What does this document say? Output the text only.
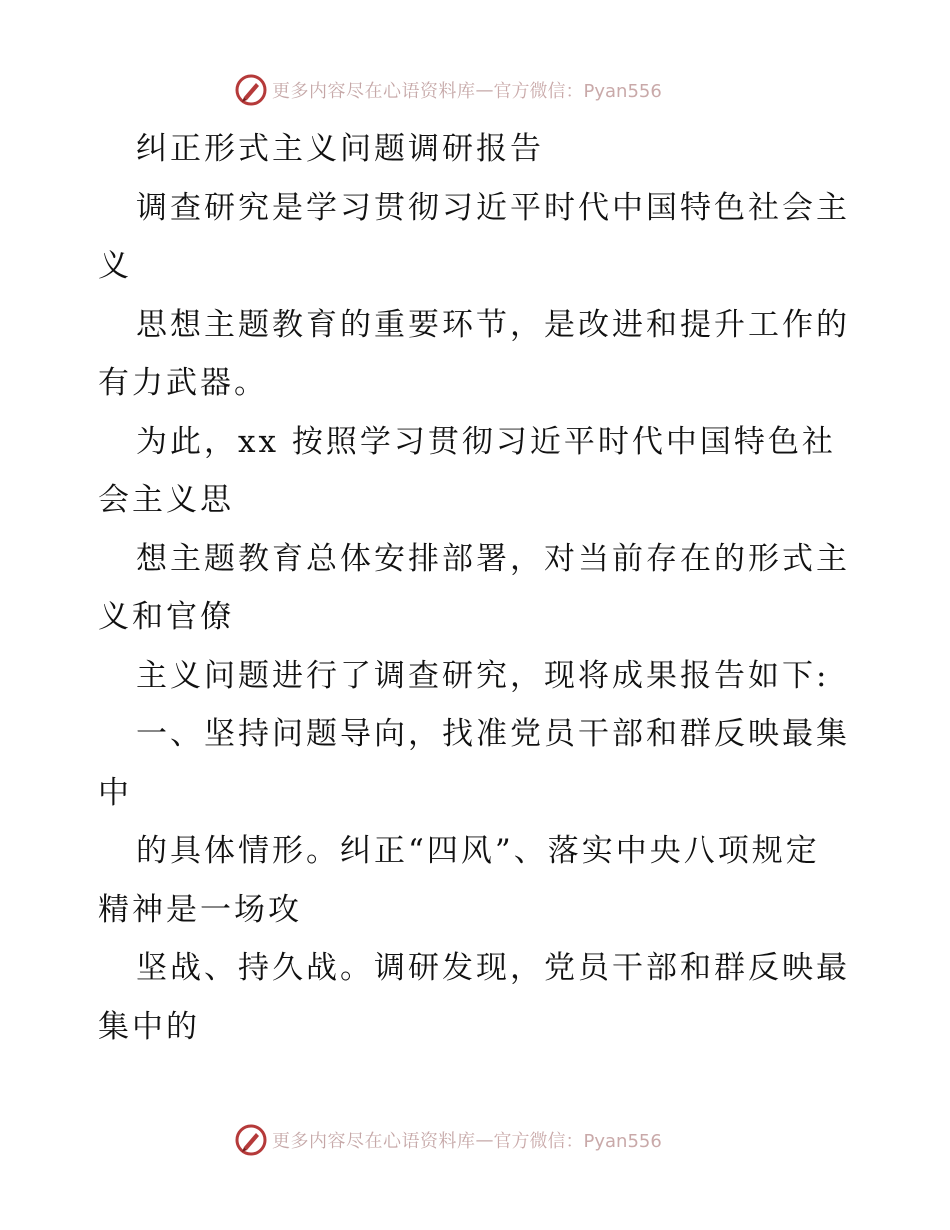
更多内容尽在心语资料库 — 官方微信：Pyan556
纠正形式主义问题调研报告
调查研究是学习贯彻习近平时代中国特色社会主
义
思想主题教育的重要环节，是改进和提升工作的
有力武器。
为此，xx 按照学习贯彻习近平时代中国特色社
会主义思
想主题教育总体安排部署，对当前存在的形式主
义和官僚
主义问题进行了调查研究，现将成果报告如下:
一、坚持问题导向，找准党员干部和群反映最集
中
的具体情形。纠正“四风”、落实中央八项规定
精神是一场攻
坚战、持久战。调研发现，党员干部和群反映最
集中的
更多内容尽在心语资料库 — 官方微信：Pyan556
